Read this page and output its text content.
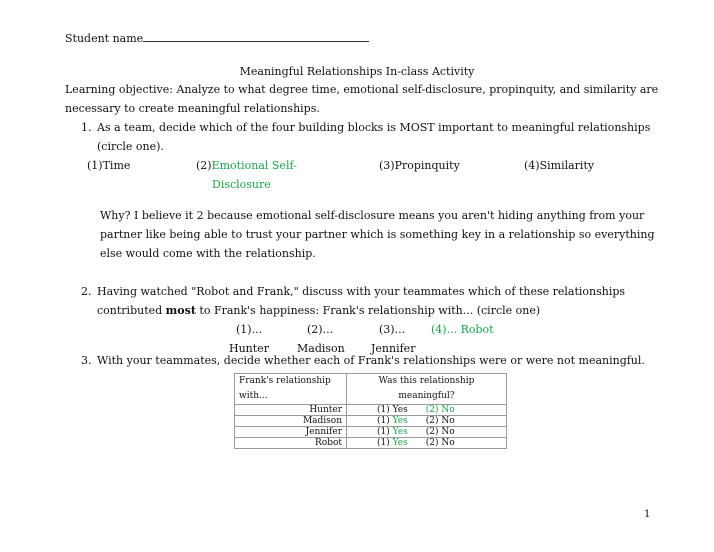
Student name
Meaningful Relationships In-class Activity
Learning objective: Analyze to what degree time, emotional self-disclosure, propinquity, and similarity are
necessary to create meaningful relationships.
1. As a team, decide which of the four building blocks is MOST important to meaningful relationships
(circle one).
(1)Time	(2)Emotional Self-
Disclosure
(3)Propinquity	(4)Similarity
Why? I believe it 2 because emotional self-disclosure means you aren't hiding anything from your
partner like being able to trust your partner which is something key in a relationship so everything
else would come with the relationship.
2. Having watched "Robot and Frank," discuss with your teammates which of these relationships
contributed most to Frank's happiness: Frank's relationship with... (circle one)
(1)...	(2)...	(3)... (4)... Robot
Hunter	Madison Jennifer
3. With your teammates, decide whether each of Frank's relationships were or were not meaningful.
Frank's relationship
with...	Was this relationship
meaningful?
Hunter	(1) Yes (2) No
Madison	(1) Yes (2) No
Jennifer	(1) Yes (2) No
Robot	(1) Yes (2) No
1
